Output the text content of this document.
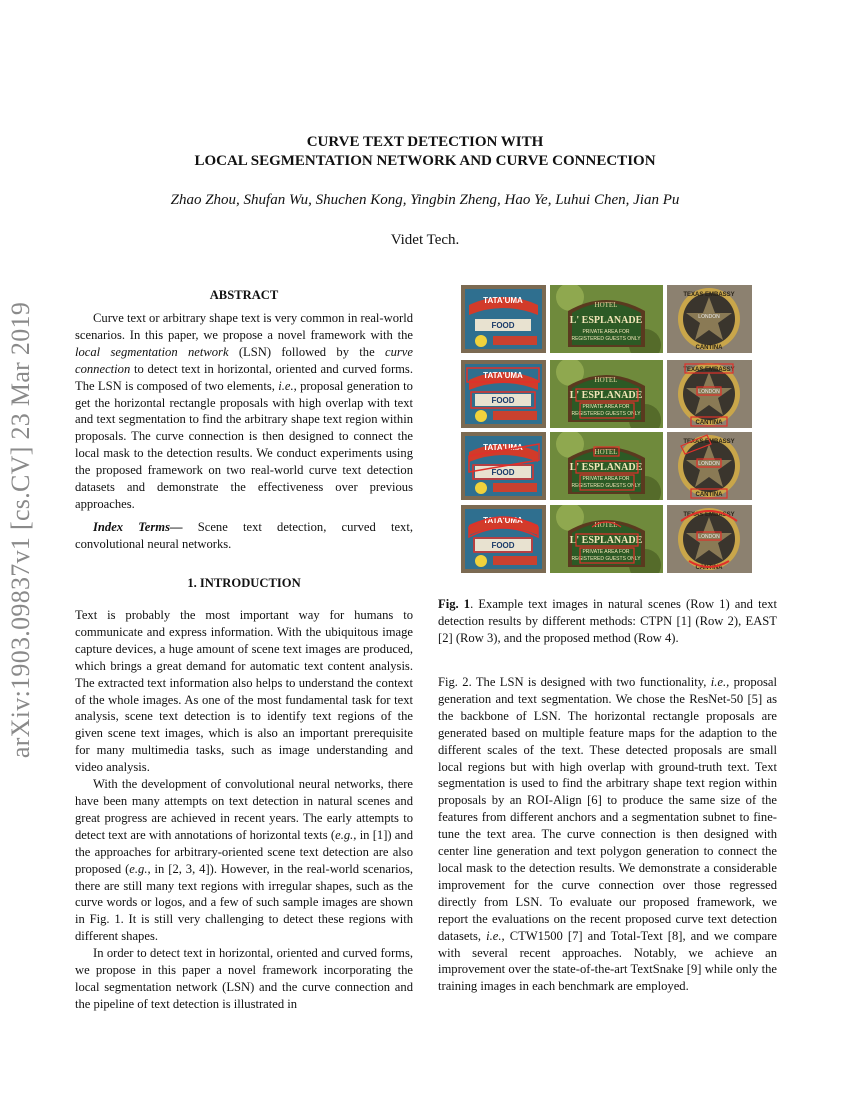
CURVE TEXT DETECTION WITH
LOCAL SEGMENTATION NETWORK AND CURVE CONNECTION
Zhao Zhou, Shufan Wu, Shuchen Kong, Yingbin Zheng, Hao Ye, Luhui Chen, Jian Pu
Videt Tech.
arXiv:1903.09837v1 [cs.CV] 23 Mar 2019
ABSTRACT

Curve text or arbitrary shape text is very common in real-world scenarios. In this paper, we propose a novel framework with the local segmentation network (LSN) followed by the curve connection to detect text in horizontal, oriented and curved forms. The LSN is composed of two elements, i.e., proposal generation to get the horizontal rectangle proposals with high overlap with text and text segmentation to find the arbitrary shape text region within proposals. The curve connection is then designed to connect the local mask to the detection results. We conduct experiments using the proposed framework on two real-world curve text detection datasets and demonstrate the effectiveness over previous approaches.

Index Terms— Scene text detection, curved text, convolutional neural networks.

1. INTRODUCTION

Text is probably the most important way for humans to communicate and express information. With the ubiquitous image capture devices, a huge amount of scene text images are produced, which brings a great demand for automatic text content analysis. The extracted text information also helps to understand the context of the whole images. As one of the most fundamental task for text analysis, scene text detection is to identify text regions of the given scene text images, which is also an important prerequisite for many multimedia tasks, such as image understanding and video analysis.

With the development of convolutional neural networks, there have been many attempts on text detection in natural scenes and great progress are achieved in recent years. The early attempts to detect text are with annotations of horizontal texts (e.g., in [1]) and the approaches for arbitrary-oriented scene text detection are also proposed (e.g., in [2, 3, 4]). However, in the real-world scenarios, there are still many text regions with irregular shapes, such as the curve words or logos, and a few of such sample images are shown in Fig. 1. It is still very challenging to detect these regions with different shapes.

In order to detect text in horizontal, oriented and curved forms, we propose in this paper a novel framework incorporating the local segmentation network (LSN) and the curve connection and the pipeline of text detection is illustrated in

TATA'UMA
FOOD
HOTEL
L' ESPLANADE
PRIVATE AREA FOR
REGISTERED GUESTS ONLY
TEXAS EMBASSY
LONDON
CANTINA
TATA'UMA
FOOD
HOTEL
L' ESPLANADE
PRIVATE AREA FOR
REGISTERED GUESTS ONLY
TEXAS EMBASSY
LONDON
CANTINA
TATA'UMA
FOOD
HOTEL
L' ESPLANADE
PRIVATE AREA FOR
REGISTERED GUESTS ONLY
TEXAS EMBASSY
LONDON
CANTINA
TATA'UMA
FOOD
HOTEL
L' ESPLANADE
PRIVATE AREA FOR
REGISTERED GUESTS ONLY
TEXAS EMBASSY
LONDON
CANTINA

Fig. 1. Example text images in natural scenes (Row 1) and text detection results by different methods: CTPN [1] (Row 2), EAST [2] (Row 3), and the proposed method (Row 4).

Fig. 2. The LSN is designed with two functionality, i.e., proposal generation and text segmentation. We chose the ResNet-50 [5] as the backbone of LSN. The horizontal rectangle proposals are generated based on multiple feature maps for the adaption to the different scales of the text. These detected proposals are small local regions but with high overlap with ground-truth text. Text segmentation is used to find the arbitrary shape text region within proposals by an ROI-Align [6] to produce the same size of the features from different anchors and a segmentation subnet to fine-tune the text area. The curve connection is then designed with center line generation and text polygon generation to connect the local mask to the detection results. We demonstrate a considerable improvement for the curve connection over those regressed directly from LSN. To evaluate our proposed framework, we report the evaluations on the recent proposed curve text detection datasets, i.e., CTW1500 [7] and Total-Text [8], and we compare with several recent approaches. Notably, we achieve an improvement over the state-of-the-art TextSnake [9] while only the training images in each benchmark are employed.
